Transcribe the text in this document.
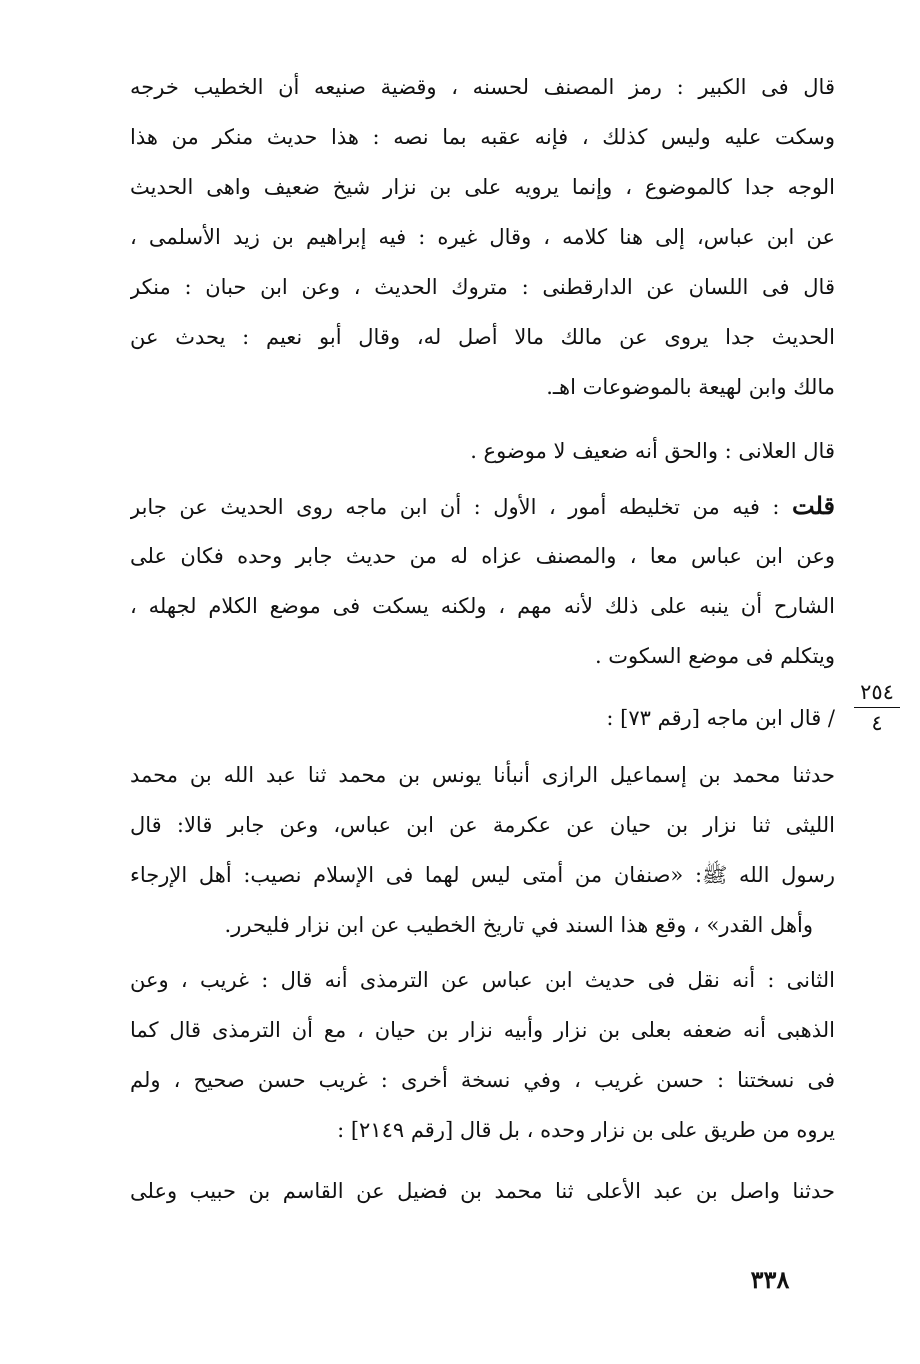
قال فى الكبير : رمز المصنف لحسنه ، وقضية صنيعه أن الخطيب خرجه
وسكت عليه وليس كذلك ، فإنه عقبه بما نصه : هذا حديث منكر من هذا
الوجه جدا كالموضوع ، وإنما يرويه على بن نزار شيخ ضعيف واهى الحديث
عن ابن عباس، إلى هنا كلامه ، وقال غيره : فيه إبراهيم بن زيد الأسلمى ،
قال فى اللسان عن الدارقطنى : متروك الحديث ، وعن ابن حبان : منكر
الحديث جدا يروى عن مالك مالا أصل له، وقال أبو نعيم : يحدث عن
مالك وابن لهيعة بالموضوعات اهـ.
قال العلانى : والحق أنه ضعيف لا موضوع .
قلت : فيه من تخليطه أمور ، الأول : أن ابن ماجه روى الحديث عن جابر
وعن ابن عباس معا ، والمصنف عزاه له من حديث جابر وحده فكان على
الشارح أن ينبه على ذلك لأنه مهم ، ولكنه يسكت فى موضع الكلام لجهله ،
ويتكلم فى موضع السكوت .
٢٥٤
٤
/ قال ابن ماجه [رقم ٧٣] :
حدثنا محمد بن إسماعيل الرازى أنبأنا يونس بن محمد ثنا عبد الله بن محمد
الليثى ثنا نزار بن حيان عن عكرمة عن ابن عباس، وعن جابر قالا: قال
رسول الله ﷺ: «صنفان من أمتى ليس لهما فى الإسلام نصيب: أهل الإرجاء
وأهل القدر» ، وقع هذا السند في تاريخ الخطيب عن ابن نزار فليحرر.
الثانى : أنه نقل فى حديث ابن عباس عن الترمذى أنه قال : غريب ، وعن
الذهبى أنه ضعفه بعلى بن نزار وأبيه نزار بن حيان ، مع أن الترمذى قال كما
فى نسختنا : حسن غريب ، وفي نسخة أخرى : غريب حسن صحيح ، ولم
يروه من طريق على بن نزار وحده ، بل قال [رقم ٢١٤٩] :
حدثنا واصل بن عبد الأعلى ثنا محمد بن فضيل عن القاسم بن حبيب وعلى
٣٣٨
